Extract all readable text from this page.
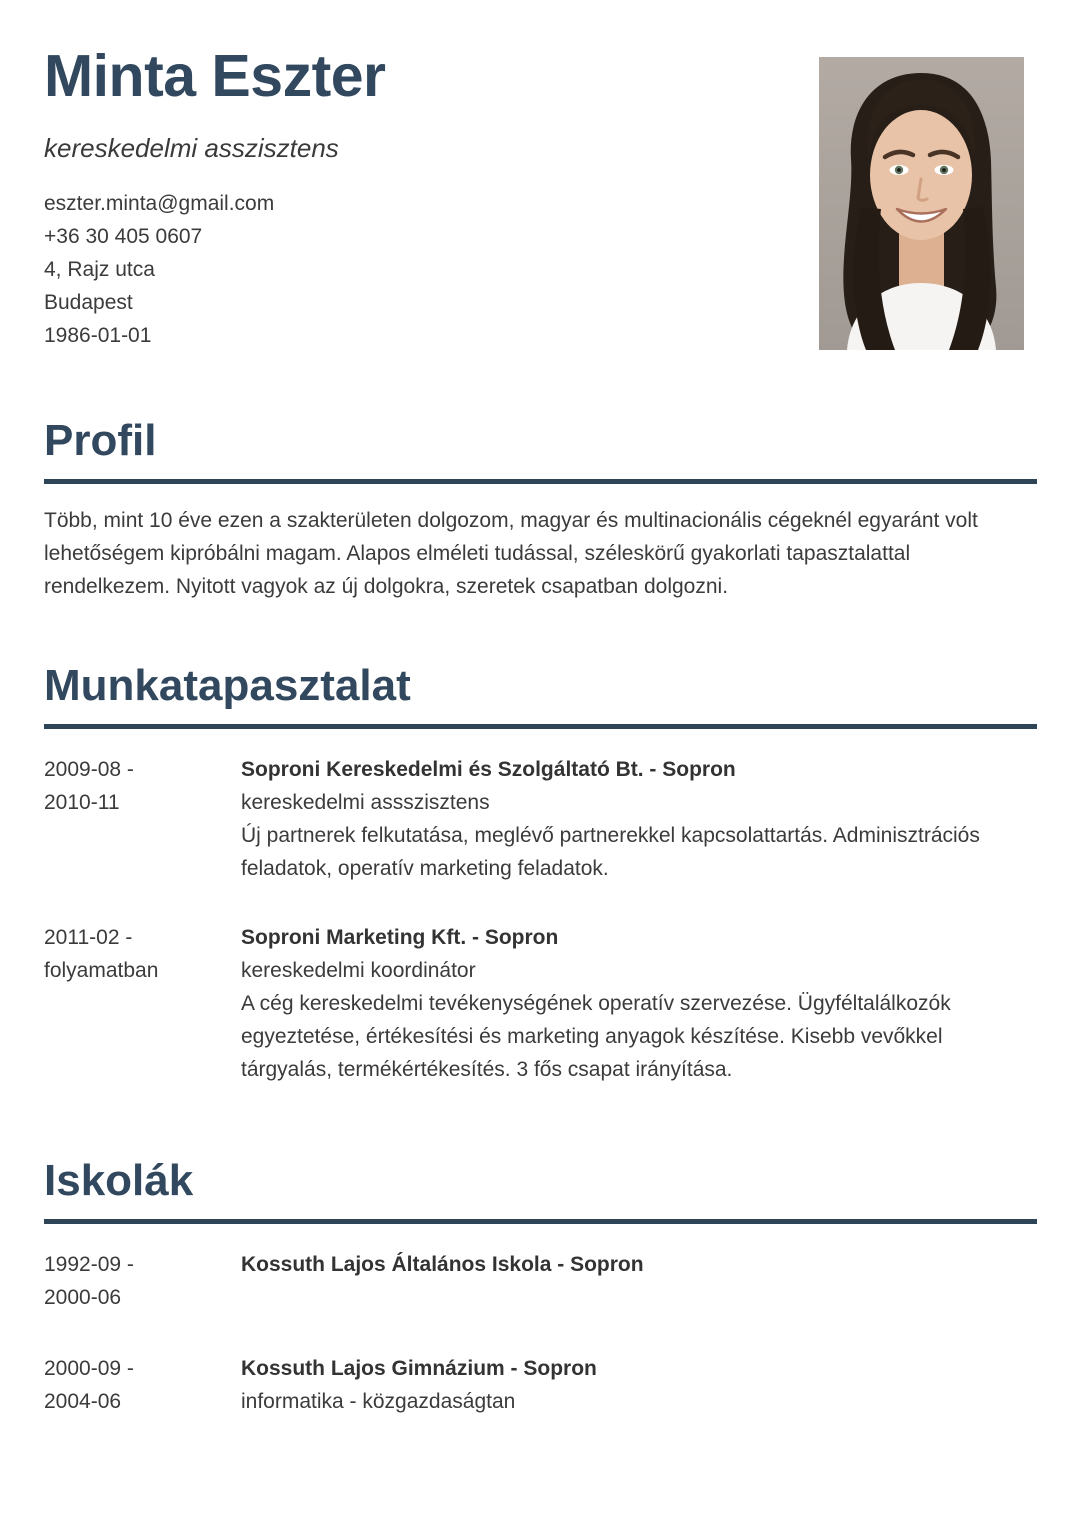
Minta Eszter
kereskedelmi asszisztens
eszter.minta@gmail.com
+36 30 405 0607
4, Rajz utca
Budapest
1986-01-01
Profil

Több, mint 10 éve ezen a szakterületen dolgozom, magyar és multinacionális cégeknél egyaránt volt lehetőségem kipróbálni magam. Alapos elméleti tudással, széleskörű gyakorlati tapasztalattal rendelkezem. Nyitott vagyok az új dolgokra, szeretek csapatban dolgozni.

Munkatapasztalat
2009-08 -
2010-11
Soproni Kereskedelmi és Szolgáltató Bt. - Sopron
kereskedelmi assszisztens
Új partnerek felkutatása, meglévő partnerekkel kapcsolattartás. Adminisztrációs feladatok, operatív marketing feladatok.
2011-02 -
folyamatban
Soproni Marketing Kft. - Sopron
kereskedelmi koordinátor
A cég kereskedelmi tevékenységének operatív szervezése. Ügyféltalálkozók egyeztetése, értékesítési és marketing anyagok készítése. Kisebb vevőkkel tárgyalás, termékértékesítés. 3 fős csapat irányítása.
Iskolák
1992-09 -
2000-06
Kossuth Lajos Általános Iskola - Sopron
2000-09 -
2004-06
Kossuth Lajos Gimnázium - Sopron
informatika - közgazdaságtan
